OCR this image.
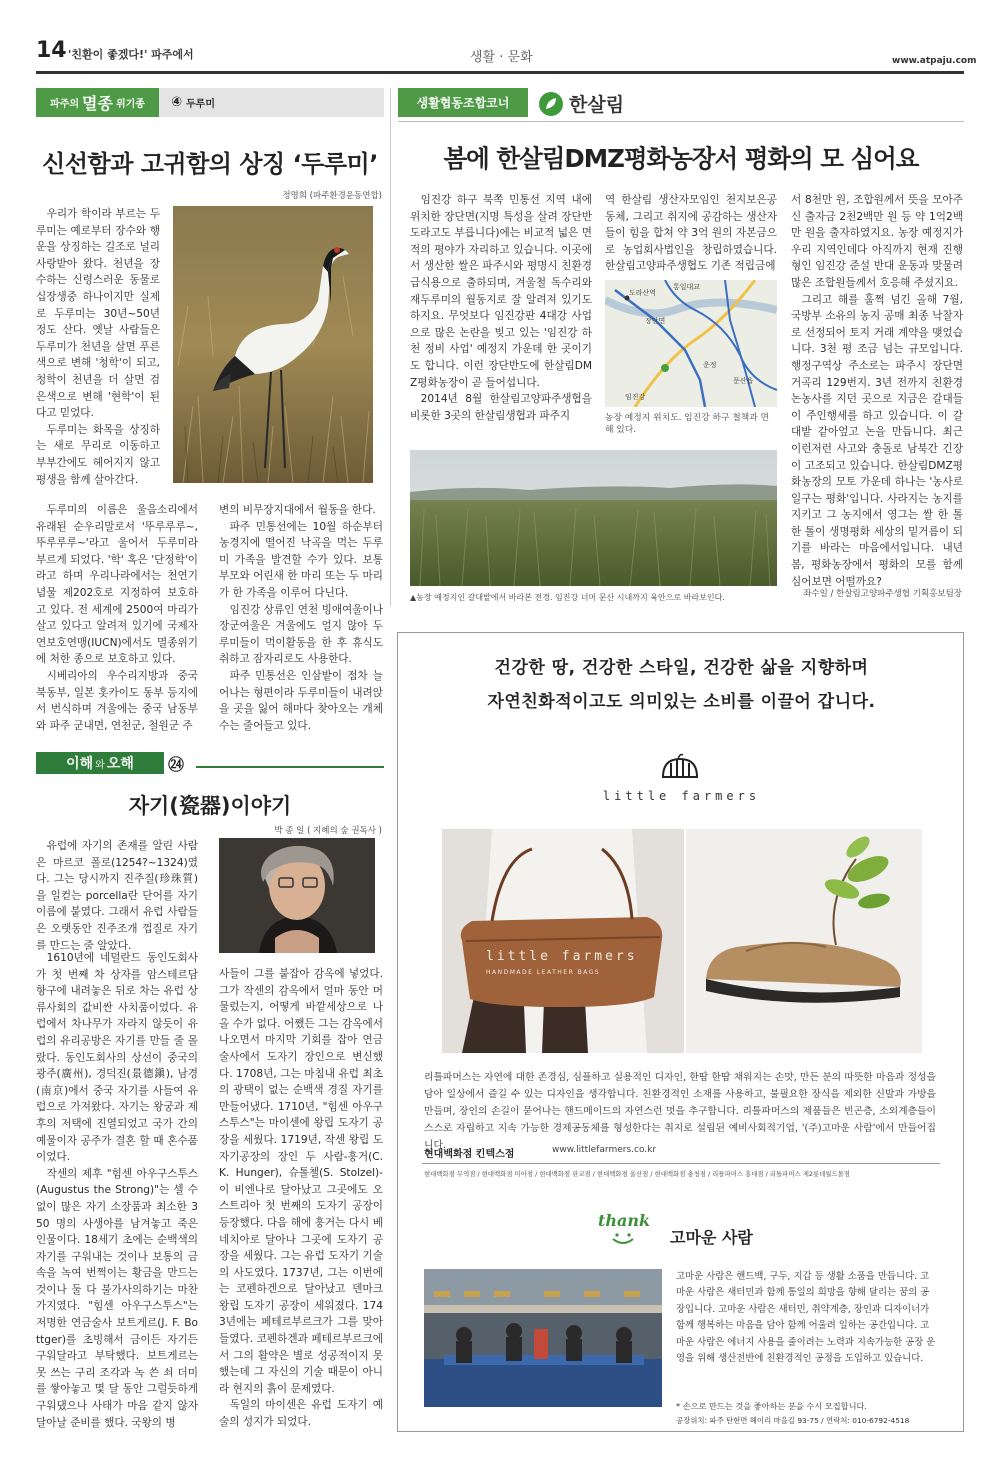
14 '친환이 좋겠다!' 파주에서	생활 · 문화	www.atpaju.com
파주의 멸종 위기종 ④ 두루미
신선함과 고귀함의 상징 ‘두루미’
정명희 (파주환경운동연합)

우리가 학이라 부르는 두루미는 예로부터 장수와 행운을 상징하는 길조로 널리 사랑받아 왔다. 천년을 장수하는 신령스러운 동물로 십장생중 하나이지만 실제로 두루미는 30년~50년 정도 산다. 옛날 사람들은 두루미가 천년을 살면 푸른색으로 변해 '청학'이 되고, 청학이 천년을 더 살면 검은색으로 변해 '현학'이 된다고 믿었다.

두루미는 화목을 상징하는 새로 무리로 이동하고 부부간에도 헤어지지 않고 평생을 함께 살아간다.

두루미의 이름은 울음소리에서 유래된 순우리말로서 '뚜루루루~, 뚜루루루~'라고 울어서 두루미라 부르게 되었다. '학' 혹은 '단정학'이라고 하며 우리나라에서는 천연기념물 제202호로 지정하여 보호하고 있다. 전 세계에 2500여 마리가 살고 있다고 알려져 있기에 국제자연보호연맹(IUCN)에서도 멸종위기에 처한 종으로 보호하고 있다.

시베리아의 우수리지방과 중국 북동부, 일본 홋카이도 동부 등지에서 번식하며 겨울에는 중국 남동부와 파주 군내면, 연천군, 철원군 주

변의 비무장지대에서 월동을 한다.

파주 민통선에는 10월 하순부터 농경지에 떨어진 낙곡을 먹는 두루미 가족을 발견할 수가 있다. 보통 부모와 어린새 한 마리 또는 두 마리가 한 가족을 이루어 다닌다.

임진강 상류인 연천 빙애여울이나 장군여울은 겨울에도 얼지 않아 두루미들이 먹이활동을 한 후 휴식도 취하고 잠자리로도 사용한다.

파주 민통선은 인삼밭이 점차 늘어나는 형편이라 두루미들이 내려앉을 곳을 잃어 해마다 찾아오는 개체수는 줄어들고 있다.

생활협동조합코너	한살림
봄에 한살림DMZ평화농장서 평화의 모 심어요

임진강 하구 북쪽 민통선 지역 내에 위치한 장단면(지명 특성을 살려 장단반도라고도 부릅니다)에는 비교적 넓은 면적의 평야가 자리하고 있습니다. 이곳에서 생산한 쌀은 파주시와 평명시 친환경급식용으로 출하되며, 겨울철 독수리와 재두루미의 월동지로 잘 알려져 있기도 하지요. 무엇보다 임진강판 4대강 사업으로 많은 논란을 빚고 있는 '임진강 하천 정비 사업' 예정지 가운데 한 곳이기도 합니다. 이런 장단반도에 한살림DMZ평화농장이 곧 들어섭니다.

2014년 8월 한살림고양파주생협을 비롯한 3곳의 한살림생협과 파주지

역 한살림 생산자모임인 천지보은공동체, 그리고 취지에 공감하는 생산자들이 힘을 합쳐 약 3억 원의 자본금으로 농업회사법인을 창립하였습니다. 한살림고양파주생협도 기존 적립금에

도라산역
통일대교
장단면
임진강
문산읍
운정
농장 예정지 위치도. 임진강 하구 철책과 면해 있다.

서 8천만 원, 조합원께서 뜻을 모아주신 출자금 2천2백만 원 등 약 1억2백만 원을 출자하였지요. 농장 예정지가 우리 지역인데다 아직까지 현재 진행형인 임진강 준설 반대 운동과 맞물려 많은 조합원들께서 호응해 주셨지요.

그리고 해를 훌쩍 넘긴 올해 7월, 국방부 소유의 농지 공매 최종 낙찰자로 선정되어 토지 거래 계약을 맺었습니다. 3천 평 조금 넘는 규모입니다. 행정구역상 주소로는 파주시 장단면 거곡리 129번지. 3년 전까지 친환경 논농사를 지던 곳으로 지금은 갈대들이 주인행세를 하고 있습니다. 이 갈대밭 같아엎고 논을 만듭니다. 최근 이런저런 사고와 충돌로 남북간 긴장이 고조되고 있습니다. 한살림DMZ평화농장의 모토 가운데 하나는 '농사로 일구는 평화'입니다. 사라지는 농지를 지키고 그 농지에서 영그는 쌀 한 톨 한 톨이 생명평화 세상의 밑거름이 되기를 바라는 마음에서입니다. 내년 봄, 평화농장에서 평화의 모를 함께 심어보면 어떨까요?

▲농장 예정지인 갈대밭에서 바라본 전경. 임진강 너머 문산 시내까지 육안으로 바라보인다.	좌수일 / 한살림고양파주생협 기획홍보팀장
이해 와 오해 ㉔
자기(瓷器)이야기
박 종 일 ( 지혜의 숲 권독사 )

유럽에 자기의 존재를 알린 사람은 마르코 폴로(1254?~1324)였다. 그는 당시까지 진주질(珍珠質)을 일컫는 porcella란 단어를 자기 이름에 붙였다. 그래서 유럽 사람들은 오랫동안 진주조개 껍질로 자기를 만드는 줄 알았다.

1610년에 네덜란드 동인도회사가 첫 번째 차 상자를 암스테르담 항구에 내려놓은 뒤로 차는 유럽 상류사회의 값비싼 사치품이었다. 유럽에서 차나무가 자라지 않듯이 유럽의 유리공방은 자기를 만들 줄 몰랐다. 동인도회사의 상선이 중국의 광주(廣州), 경덕진(景德鎭), 남경(南京)에서 중국 자기를 사들여 유럽으로 가져왔다. 자기는 왕궁과 제후의 저택에 진열되었고 국가 간의 예물이자 공주가 결혼 할 때 혼수품이었다.

작센의 제후 "힘센 아우구스투스(Augustus the Strong)"는 셀 수 없이 많은 자기 소장품과 최소한 350 명의 사생아를 남겨놓고 죽은 인물이다. 18세기 초에는 순백색의 자기를 구워내는 것이나 보통의 금속을 녹여 번쩍이는 황금을 만드는 것이나 둘 다 불가사의하기는 마찬가지였다. "힘센 아우구스투스"는 저명한 연금술사 보트게르(J. F. Bottger)를 초빙해서 금이든 자기든 구워달라고 부탁했다. 보트게르는 못 쓰는 구리 조각과 녹 쓴 쇠 더미를 쌓아놓고 몇 달 동안 그럴듯하게 구워댔으나 사태가 마음 같지 않자 달아날 준비를 했다. 국왕의 병

사들이 그를 붙잡아 감옥에 넣었다. 그가 작센의 감옥에서 얼마 동안 머물렀는지, 어떻게 바깥세상으로 나올 수가 없다. 어쨌든 그는 감옥에서 나오면서 마지막 기회를 잡아 연금술사에서 도자기 장인으로 변신했다. 1708년, 그는 마침내 유럽 최초의 광택이 없는 순백색 경질 자기를 만들어냈다. 1710년, "힘센 아우구스투스"는 마이센에 왕립 도자기 공장을 세웠다. 1719년, 작센 왕립 도자기공장의 장인 두 사람-훙거(C. K. Hunger), 슈톨첼(S. Stolzel)-이 비엔나로 달아났고 그곳에도 오스트리아 첫 번째의 도자기 공장이 등장했다. 다음 해에 훙거는 다시 베네치아로 달아나 그곳에 도자기 공장을 세웠다. 그는 유럽 도자기 기술의 사도였다. 1737년, 그는 이번에는 코펜하겐으로 달아났고 덴마크 왕립 도자기 공장이 세워졌다. 1743년에는 페테르부르크가 그를 맞아들였다. 코펜하겐과 페테르부르크에서 그의 활약은 별로 성공적이지 못했는데 그 자신의 기술 때문이 아니라 현지의 흙이 문제였다.

독일의 마이센은 유럽 도자기 예술의 성지가 되었다.

건강한 땅, 건강한 스타일, 건강한 삶을 지향하며
자연친화적이고도 의미있는 소비를 이끌어 갑니다.
little farmers
little farmers
HANDMADE LEATHER BAGS
리틀파머스는 자연에 대한 존경심, 심플하고 실용적인 디자인, 한땀 한땀 채워지는 손맛, 만든 분의 따뜻한 마음과 정성을 담아 일상에서 즐길 수 있는 디자인을 생각합니다. 친환경적인 소재를 사용하고, 불필요한 장식을 제외한 신발과 가방을 만들며, 장인의 손길이 묻어나는 핸드메이드의 자연스런 멋을 추구합니다. 리틀파머스의 제품들은 빈곤층, 소외계층들이 스스로 자립하고 지속 가능한 경제공동체를 형성한다는 취지로 설립된 예비사회적기업, '(주)고마운 사람'에서 만들어집니다.
현대백화점 킨텍스점	www.littlefarmers.co.kr
현대백화점 무역점 / 현대백화점 미아점 / 현대백화점 판교점 / 현대백화점 울산점 / 현대백화점 충청점 / 리틀파머스 홍대점 / 리틀파머스 제2롯데월드몰점
thank
고마운 사람
고마운 사람은 핸드백, 구두, 지갑 등 생활 소품을 만듭니다. 고마운 사람은 새터민과 함께 통일의 희망을 향해 달리는 꿈의 공장입니다. 고마운 사람은 새터민, 취약계층, 장인과 디자이너가 함께 행복하는 마음을 담아 함께 어울려 일하는 공간입니다. 고마운 사람은 에너지 사용을 줄이려는 노력과 지속가능한 공장 운영을 위해 생산전반에 친환경적인 공정을 도입하고 있습니다.
* 손으로 만드는 것을 좋아하는 분을 수시 모집합니다.
공장위치: 파주 탄현면 헤이리 마을길 93-75 / 연락처: 010-6792-4518
